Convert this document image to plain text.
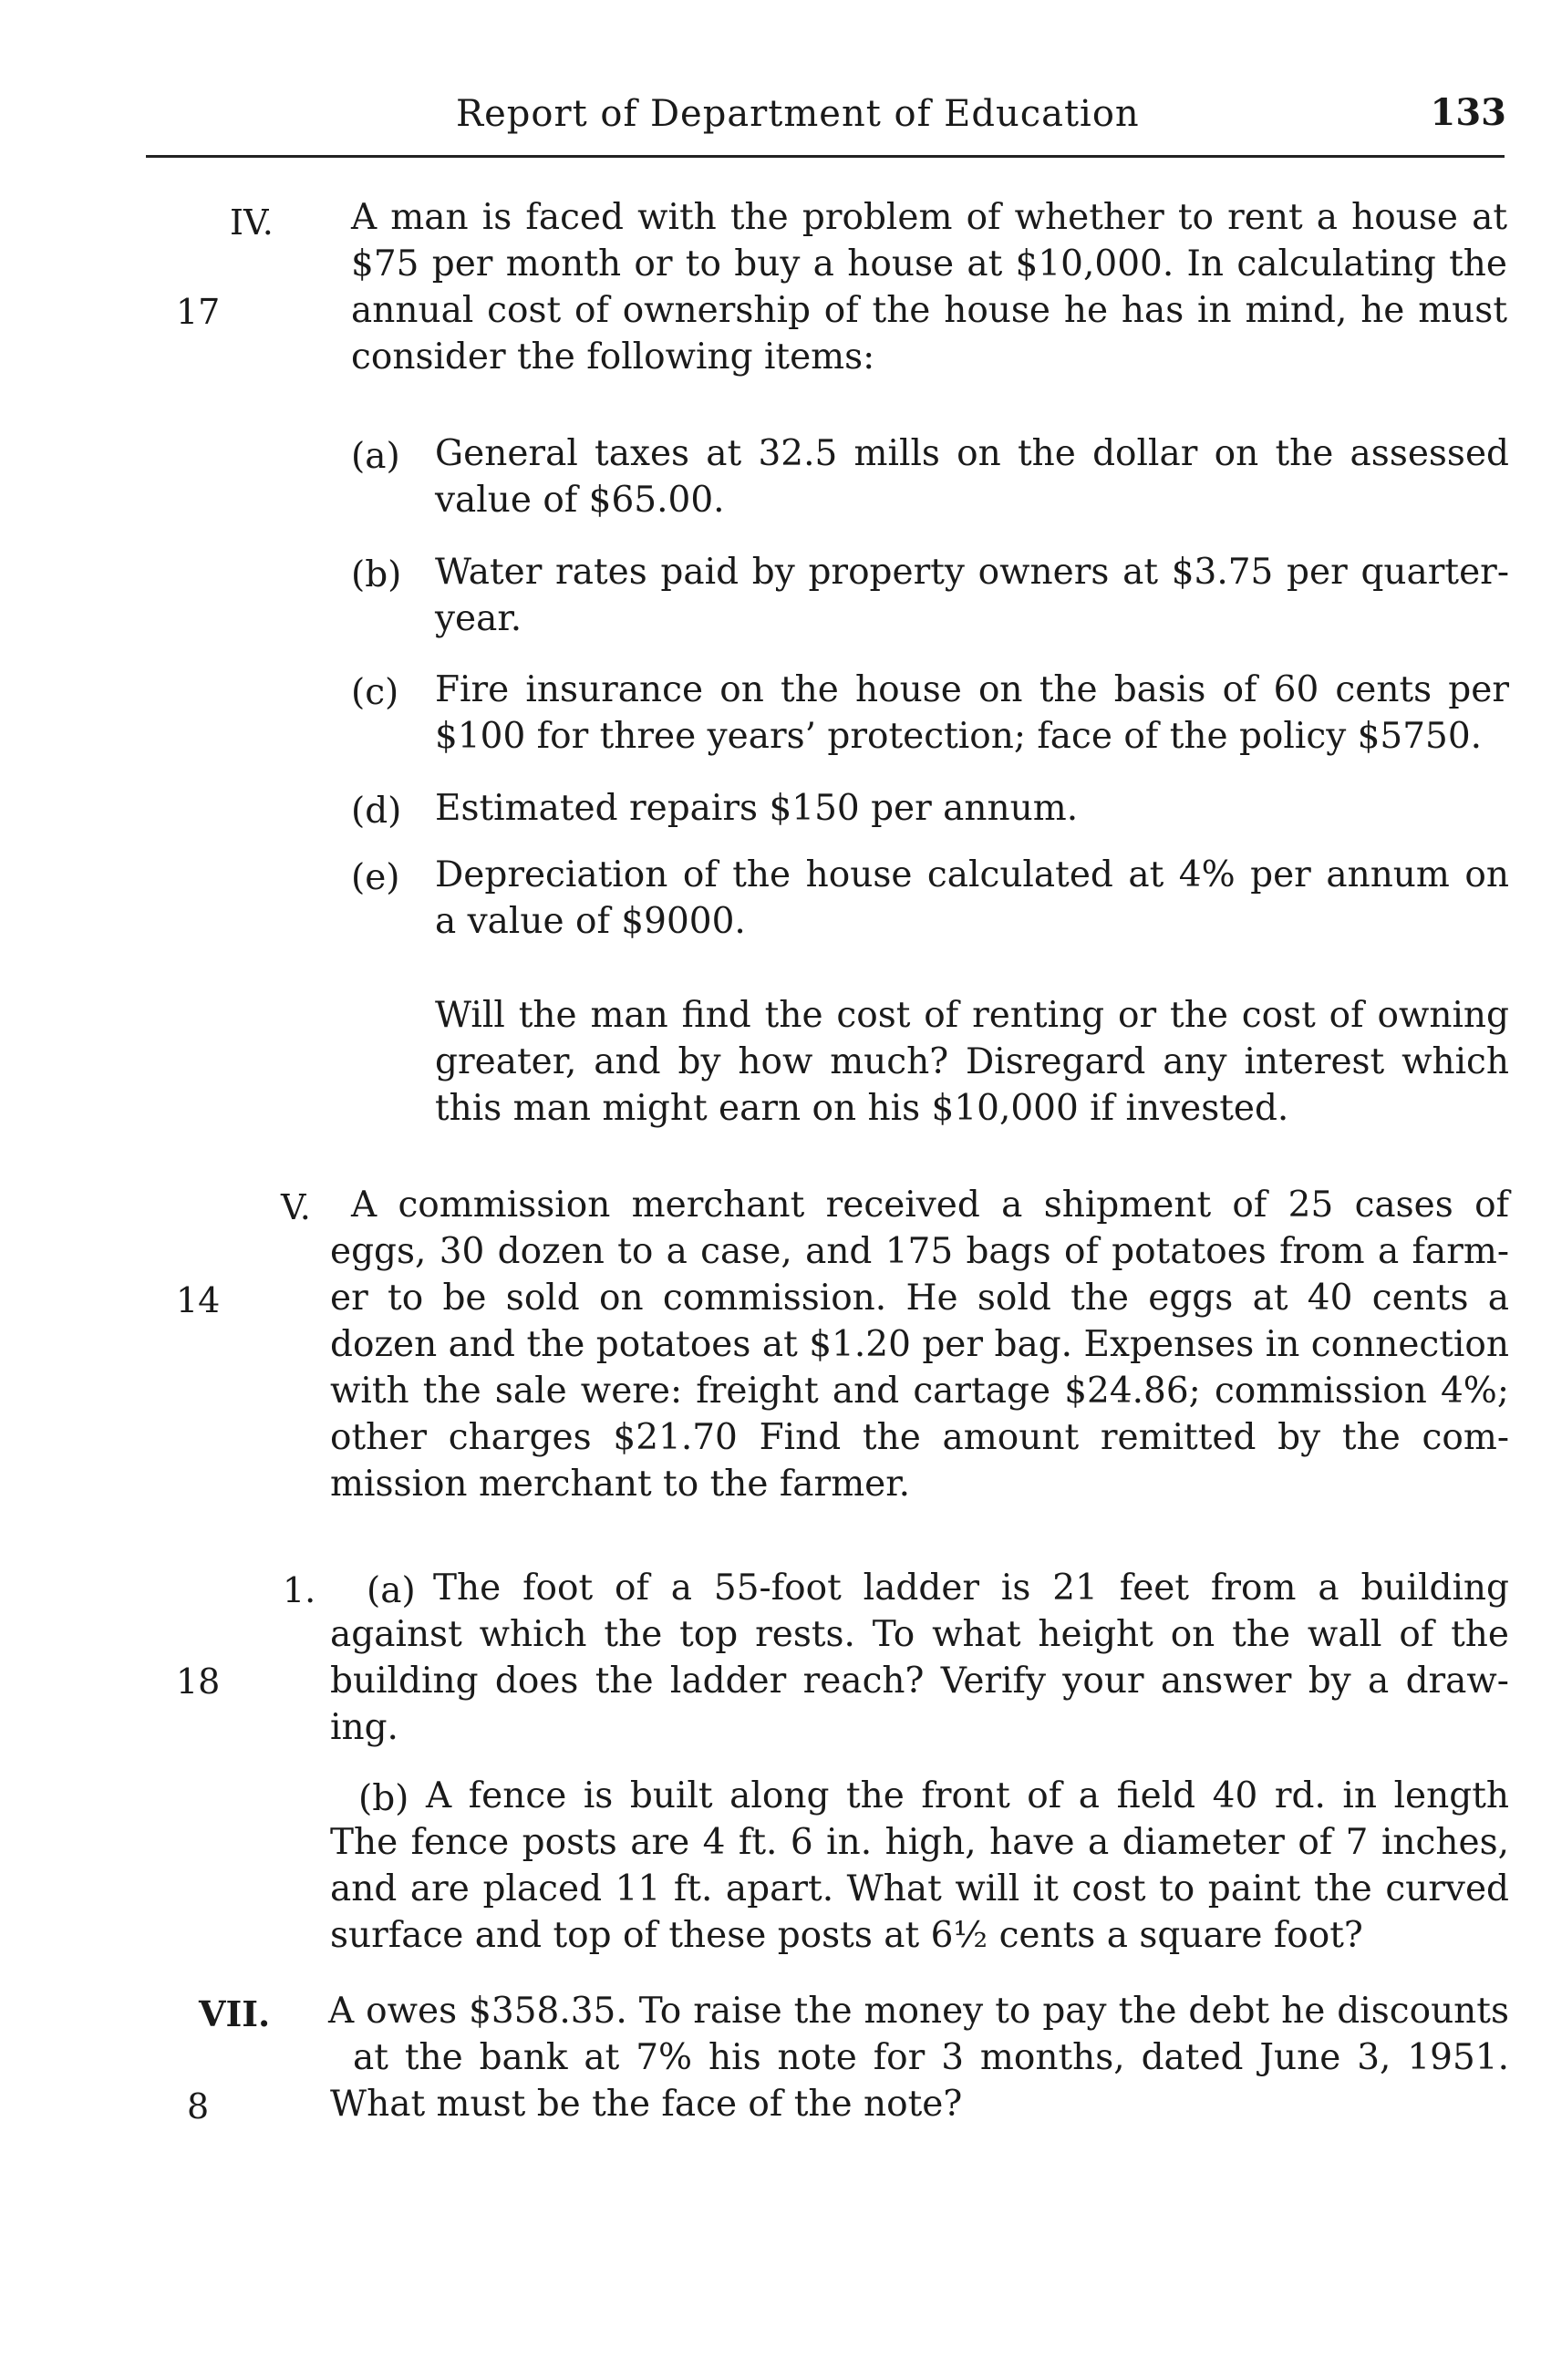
Report of Department of Education	133
IV.
17
A man is faced with the problem of whether to rent a house at
$75 per month or to buy a house at $10,000. In calculating the
annual cost of ownership of the house he has in mind, he must
consider the following items:
(a) General taxes at 32.5 mills on the dollar on the assessed
value of $65.00.
(b) Water rates paid by property owners at $3.75 per quarter-
year.
(c) Fire insurance on the house on the basis of 60 cents per
$100 for three years’ protection; face of the policy $5750.
(d) Estimated repairs $150 per annum.
(e) Depreciation of the house calculated at 4% per annum on
a value of $9000.
Will the man find the cost of renting or the cost of owning
greater, and by how much? Disregard any interest which
this man might earn on his $10,000 if invested.
V.
14
A commission merchant received a shipment of 25 cases of
eggs, 30 dozen to a case, and 175 bags of potatoes from a farm-
er to be sold on commission. He sold the eggs at 40 cents a
dozen and the potatoes at $1.20 per bag. Expenses in connection
with the sale were: freight and cartage $24.86; commission 4%;
other charges $21.70 Find the amount remitted by the com-
mission merchant to the farmer.
1.
18
(a) The foot of a 55-foot ladder is 21 feet from a building
against which the top rests. To what height on the wall of the
building does the ladder reach? Verify your answer by a draw-
ing.
(b) A fence is built along the front of a field 40 rd. in length
The fence posts are 4 ft. 6 in. high, have a diameter of 7 inches,
and are placed 11 ft. apart. What will it cost to paint the curved
surface and top of these posts at 6½ cents a square foot?
VII.
8
A owes $358.35. To raise the money to pay the debt he discounts
at the bank at 7% his note for 3 months, dated June 3, 1951.
What must be the face of the note?
